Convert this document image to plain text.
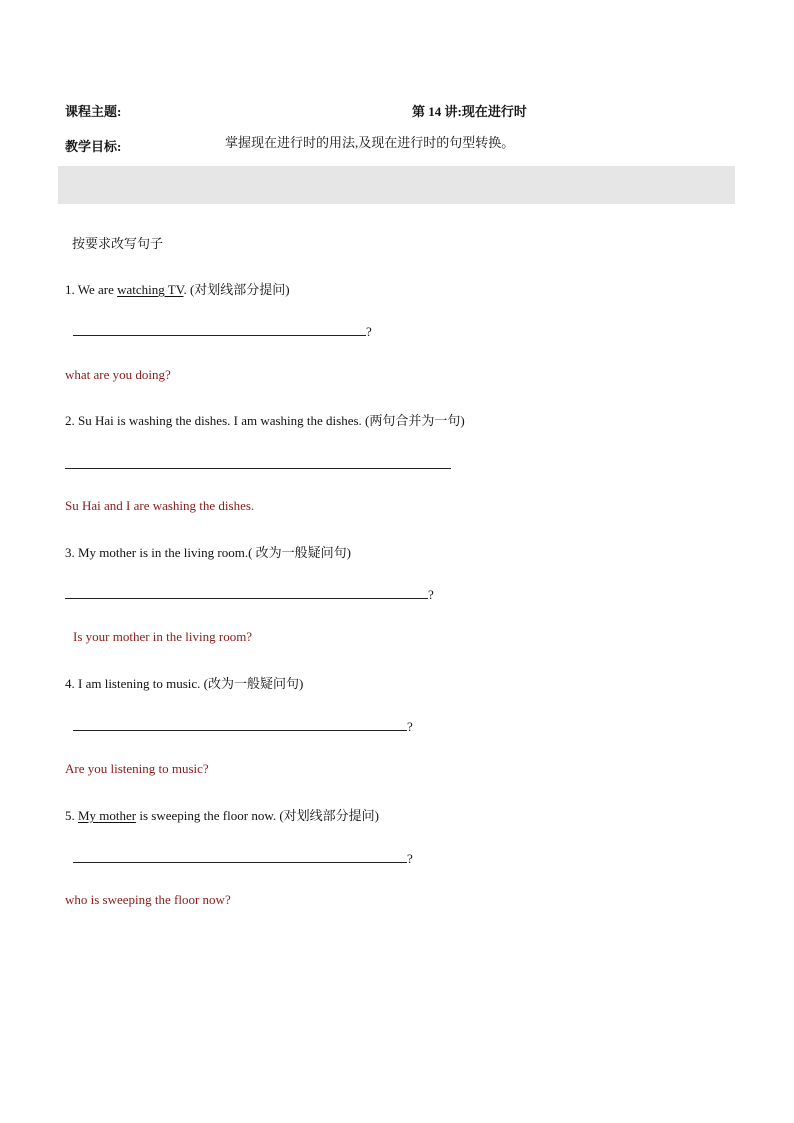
课程主题:	第 14 讲:现在进行时
教学目标:	掌握现在进行时的用法,及现在进行时的句型转换。
按要求改写句子
1. We are watching TV. (对划线部分提问)
?
what are you doing?
2. Su Hai is washing the dishes. I am washing the dishes. (两句合并为一句)
Su Hai and I are washing the dishes.
3. My mother is in the living room.( 改为一般疑问句)
?
Is your mother in the living room?
4. I am listening to music. (改为一般疑问句)
?
Are you listening to music?
5. My mother is sweeping the floor now. (对划线部分提问)
?
who is sweeping the floor now?
